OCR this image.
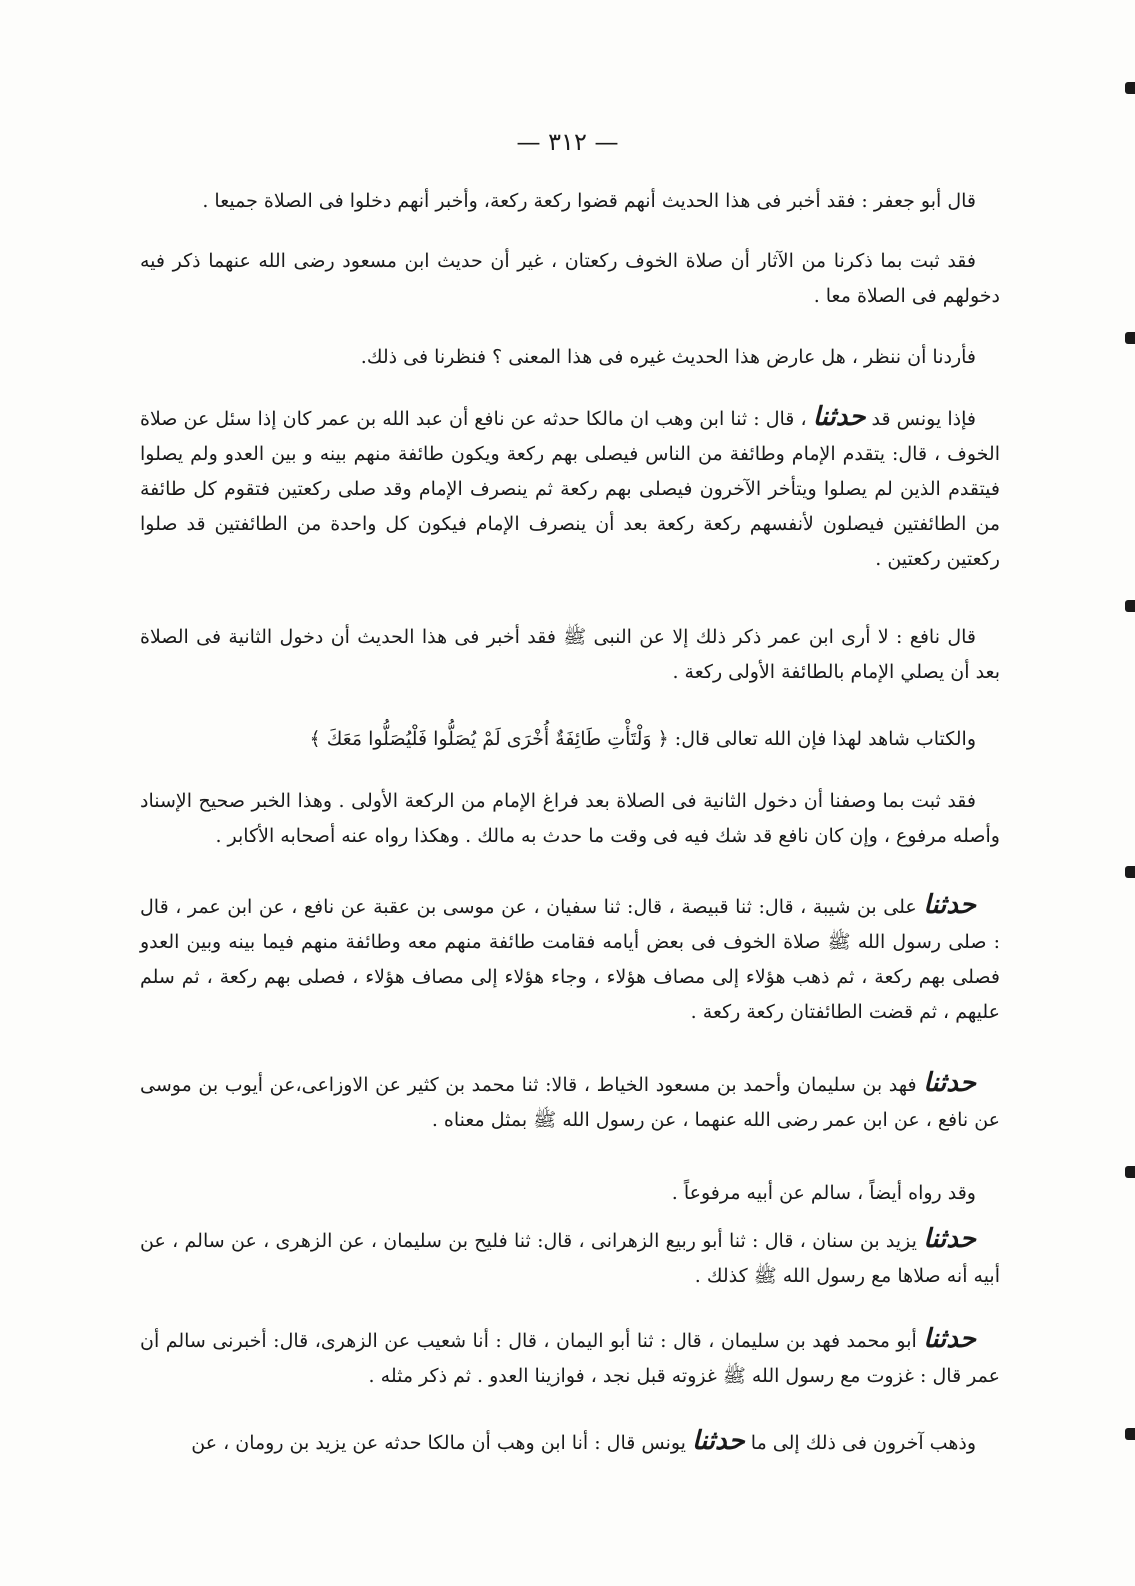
— ٣١٢ —

قال أبو جعفر : فقد أخبر فى هذا الحديث أنهم قضوا ركعة ركعة، وأخبر أنهم دخلوا فى الصلاة جميعا .

فقد ثبت بما ذكرنا من الآثار أن صلاة الخوف ركعتان ، غير أن حديث ابن مسعود رضى الله عنهما ذكر فيه دخولهم فى الصلاة معا .

فأردنا أن ننظر ، هل عارض هذا الحديث غيره فى هذا المعنى ؟ فنظرنا فى ذلك.

فإذا يونس قد حدثنا ، قال : ثنا ابن وهب ان مالكا حدثه عن نافع أن عبد الله بن عمر كان إذا سئل عن صلاة الخوف ، قال: يتقدم الإمام وطائفة من الناس فيصلى بهم ركعة ويكون طائفة منهم بينه و بين العدو ولم يصلوا فيتقدم الذين لم يصلوا ويتأخر الآخرون فيصلى بهم ركعة ثم ينصرف الإمام وقد صلى ركعتين فتقوم كل طائفة من الطائفتين فيصلون لأنفسهم ركعة ركعة بعد أن ينصرف الإمام فيكون كل واحدة من الطائفتين قد صلوا ركعتين ركعتين .

قال نافع : لا أرى ابن عمر ذكر ذلك إلا عن النبى ﷺ فقد أخبر فى هذا الحديث أن دخول الثانية فى الصلاة بعد أن يصلي الإمام بالطائفة الأولى ركعة .

والكتاب شاهد لهذا فإن الله تعالى قال: ﴿ وَلْتَأْتِ طَائِفَةٌ أُخْرَى لَمْ يُصَلُّوا فَلْيُصَلُّوا مَعَكَ ﴾

فقد ثبت بما وصفنا أن دخول الثانية فى الصلاة بعد فراغ الإمام من الركعة الأولى . وهذا الخبر صحيح الإسناد وأصله مرفوع ، وإن كان نافع قد شك فيه فى وقت ما حدث به مالك . وهكذا رواه عنه أصحابه الأكابر .

حدثنا على بن شيبة ، قال: ثنا قبيصة ، قال: ثنا سفيان ، عن موسى بن عقبة عن نافع ، عن ابن عمر ، قال : صلى رسول الله ﷺ صلاة الخوف فى بعض أيامه فقامت طائفة منهم معه وطائفة منهم فيما بينه وبين العدو فصلى بهم ركعة ، ثم ذهب هؤلاء إلى مصاف هؤلاء ، وجاء هؤلاء إلى مصاف هؤلاء ، فصلى بهم ركعة ، ثم سلم عليهم ، ثم قضت الطائفتان ركعة ركعة .

حدثنا فهد بن سليمان وأحمد بن مسعود الخياط ، قالا: ثنا محمد بن كثير عن الاوزاعى،عن أيوب بن موسى عن نافع ، عن ابن عمر رضى الله عنهما ، عن رسول الله ﷺ بمثل معناه .

وقد رواه أيضاً ، سالم عن أبيه مرفوعاً .

حدثنا يزيد بن سنان ، قال : ثنا أبو ربيع الزهرانى ، قال: ثنا فليح بن سليمان ، عن الزهرى ، عن سالم ، عن أبيه أنه صلاها مع رسول الله ﷺ كذلك .

حدثنا أبو محمد فهد بن سليمان ، قال : ثنا أبو اليمان ، قال : أنا شعيب عن الزهرى، قال: أخبرنى سالم أن عمر قال : غزوت مع رسول الله ﷺ غزوته قبل نجد ، فوازينا العدو . ثم ذكر مثله .

وذهب آخرون فى ذلك إلى ما حدثنا يونس قال : أنا ابن وهب أن مالكا حدثه عن يزيد بن رومان ، عن
